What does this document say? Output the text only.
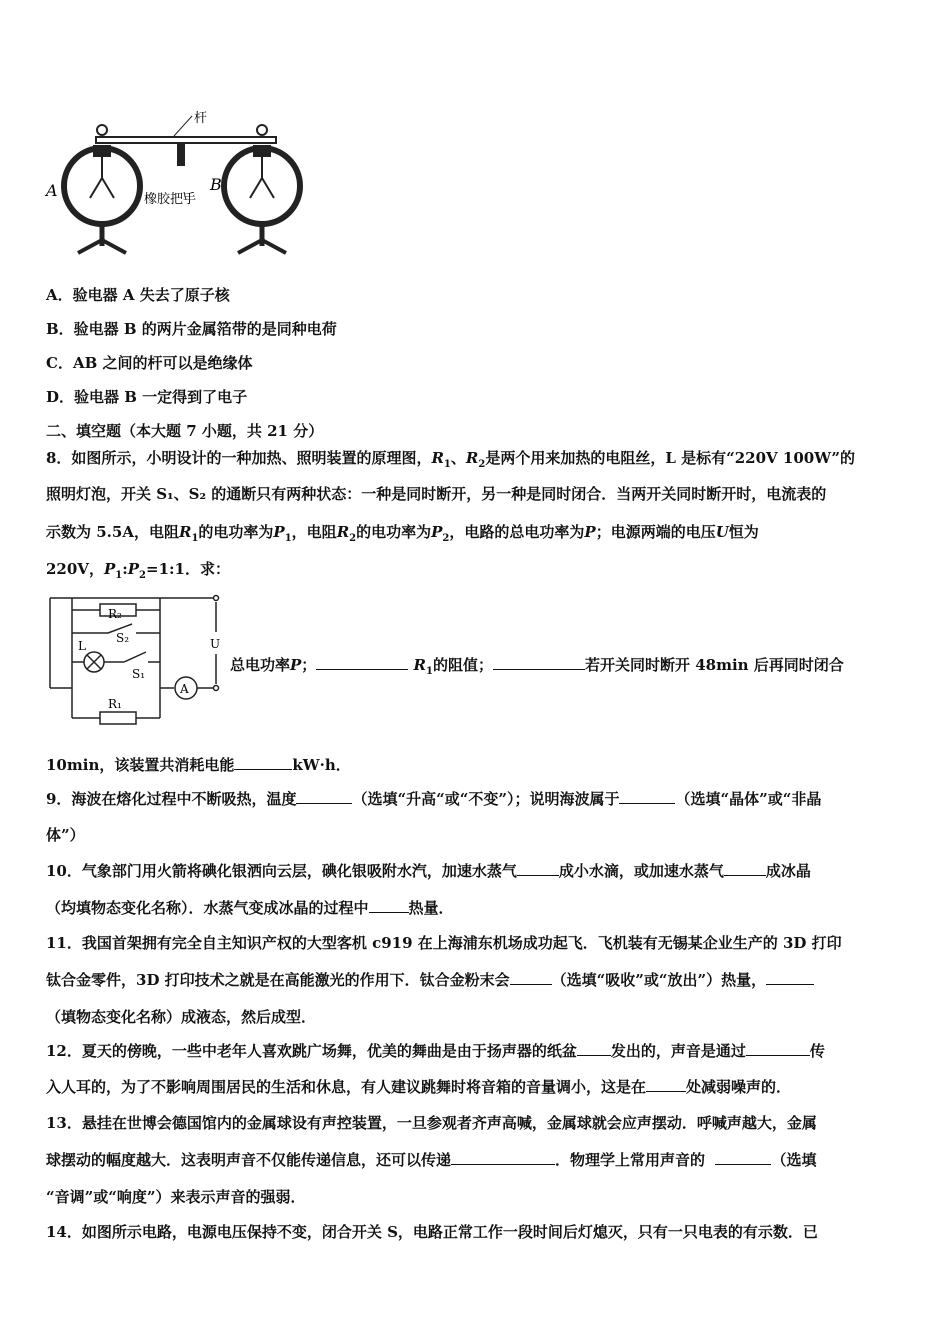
杆
A	B
橡胶把手
A．验电器 A 失去了原子核
B．验电器 B 的两片金属箔带的是同种电荷
C．AB 之间的杆可以是绝缘体
D．验电器 B 一定得到了电子
二、填空题（本大题 7 小题，共 21 分）
8．如图所示，小明设计的一种加热、照明装置的原理图，$R_1$、$R_2$是两个用来加热的电阻丝，L 是标有“220V 100W”的
照明灯泡，开关 S₁、S₂ 的通断只有两种状态：一种是同时断开，另一种是同时闭合．当两开关同时断开时，电流表的
示数为 5.5A，电阻$R_1$的电功率为$P_1$，电阻$R_2$的电功率为$P_2$，电路的总电功率为P；电源两端的电压U恒为
220V，$P_1:P_2=1:1$．求：
R₂
S₂
L
S₁
A
R₁
U
总电功率P；	$R_1$的阻值；	若开关同时断开 48min 后再同时闭合
10min，该装置共消耗电能	kW·h．
9．海波在熔化过程中不断吸热，温度	（选填“升高“或“不变”）；说明海波属于	（选填“晶体”或“非晶
体”）
10．气象部门用火箭将碘化银洒向云层，碘化银吸附水汽，加速水蒸气	成小水滴，或加速水蒸气	成冰晶
（均填物态变化名称）．水蒸气变成冰晶的过程中	热量．
11．我国首架拥有完全自主知识产权的大型客机 c919 在上海浦东机场成功起飞．飞机装有无锡某企业生产的 3D 打印
钛合金零件，3D 打印技术之就是在高能激光的作用下．钛合金粉末会	（选填“吸收”或“放出”）热量，
（填物态变化名称）成液态，然后成型．
12．夏天的傍晚，一些中老年人喜欢跳广场舞，优美的舞曲是由于扬声器的纸盆 发出的，声音是通过	传
入人耳的，为了不影响周围居民的生活和休息，有人建议跳舞时将音箱的音量调小，这是在	处减弱噪声的．
13．悬挂在世博会德国馆内的金属球设有声控装置，一旦参观者齐声高喊，金属球就会应声摆动．呼喊声越大，金属
球摆动的幅度越大．这表明声音不仅能传递信息，还可以传递	．物理学上常用声音的	（选填
“音调”或“响度”）来表示声音的强弱．
14．如图所示电路，电源电压保持不变，闭合开关 S，电路正常工作一段时间后灯熄灭，只有一只电表的有示数．已
